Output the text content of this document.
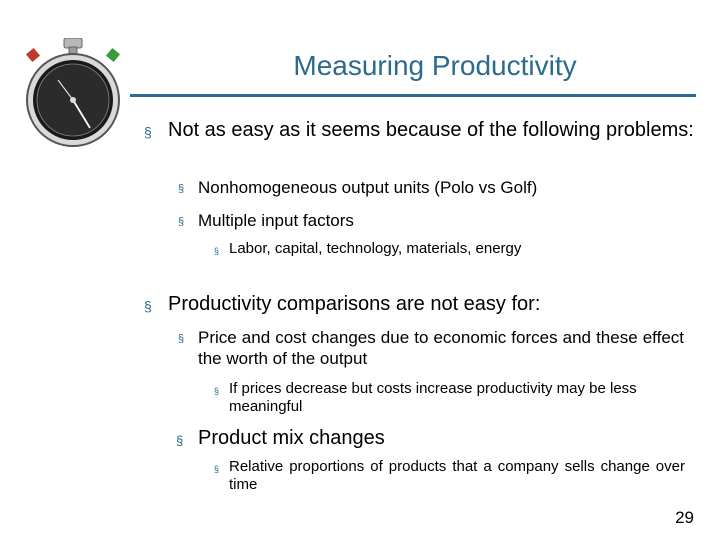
Measuring Productivity
§ Not as easy as it seems because of the following problems:
§ Nonhomogeneous output units (Polo vs Golf)
§ Multiple input factors
§ Labor, capital, technology, materials, energy
§ Productivity comparisons are not easy for:
§ Price and cost changes due to economic forces and these effect the worth of the output
§ If prices decrease but costs increase productivity may be less meaningful
§ Product mix changes
§ Relative proportions of products that a company sells change over time
29
